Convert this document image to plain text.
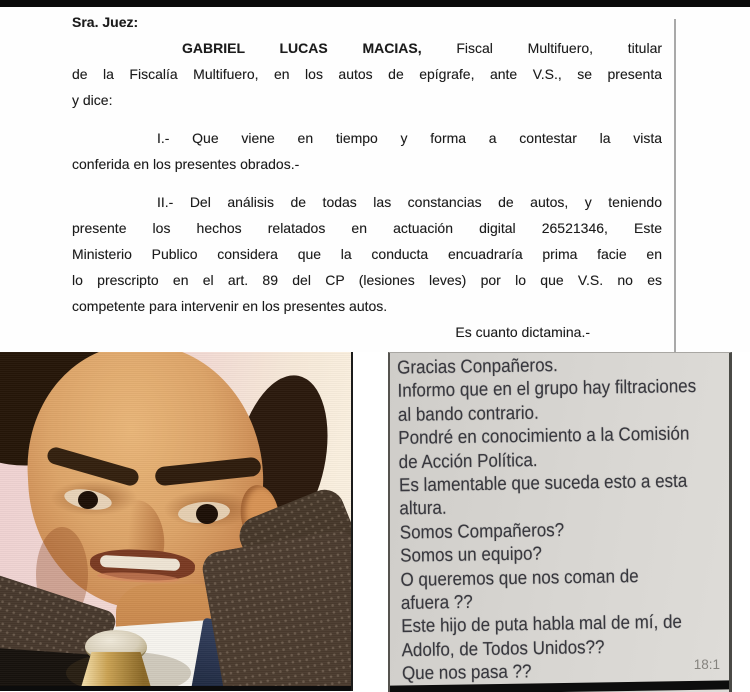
Sra. Juez:
GABRIEL LUCAS MACIAS, Fiscal Multifuero, titular
de la Fiscalía Multifuero, en los autos de epígrafe, ante V.S., se presenta
y dice:
I.- Que viene en tiempo y forma a contestar la vista
conferida en los presentes obrados.-
II.- Del análisis de todas las constancias de autos, y teniendo
presente los hechos relatados en actuación digital 26521346, Este
Ministerio Publico considera que la conducta encuadraría prima facie en
lo prescripto en el art. 89 del CP (lesiones leves) por lo que V.S. no es
competente para intervenir en los presentes autos.
Es cuanto dictamina.-
Gracias Conpañeros.
Informo que en el grupo hay filtraciones
al bando contrario.
Pondré en conocimiento a la Comisión
de Acción Política.
Es lamentable que suceda esto a esta
altura.
Somos Compañeros?
Somos un equipo?
O queremos que nos coman de
afuera ??
Este hijo de puta habla mal de mí, de
Adolfo, de Todos Unidos??
Que nos pasa ??	18:1
